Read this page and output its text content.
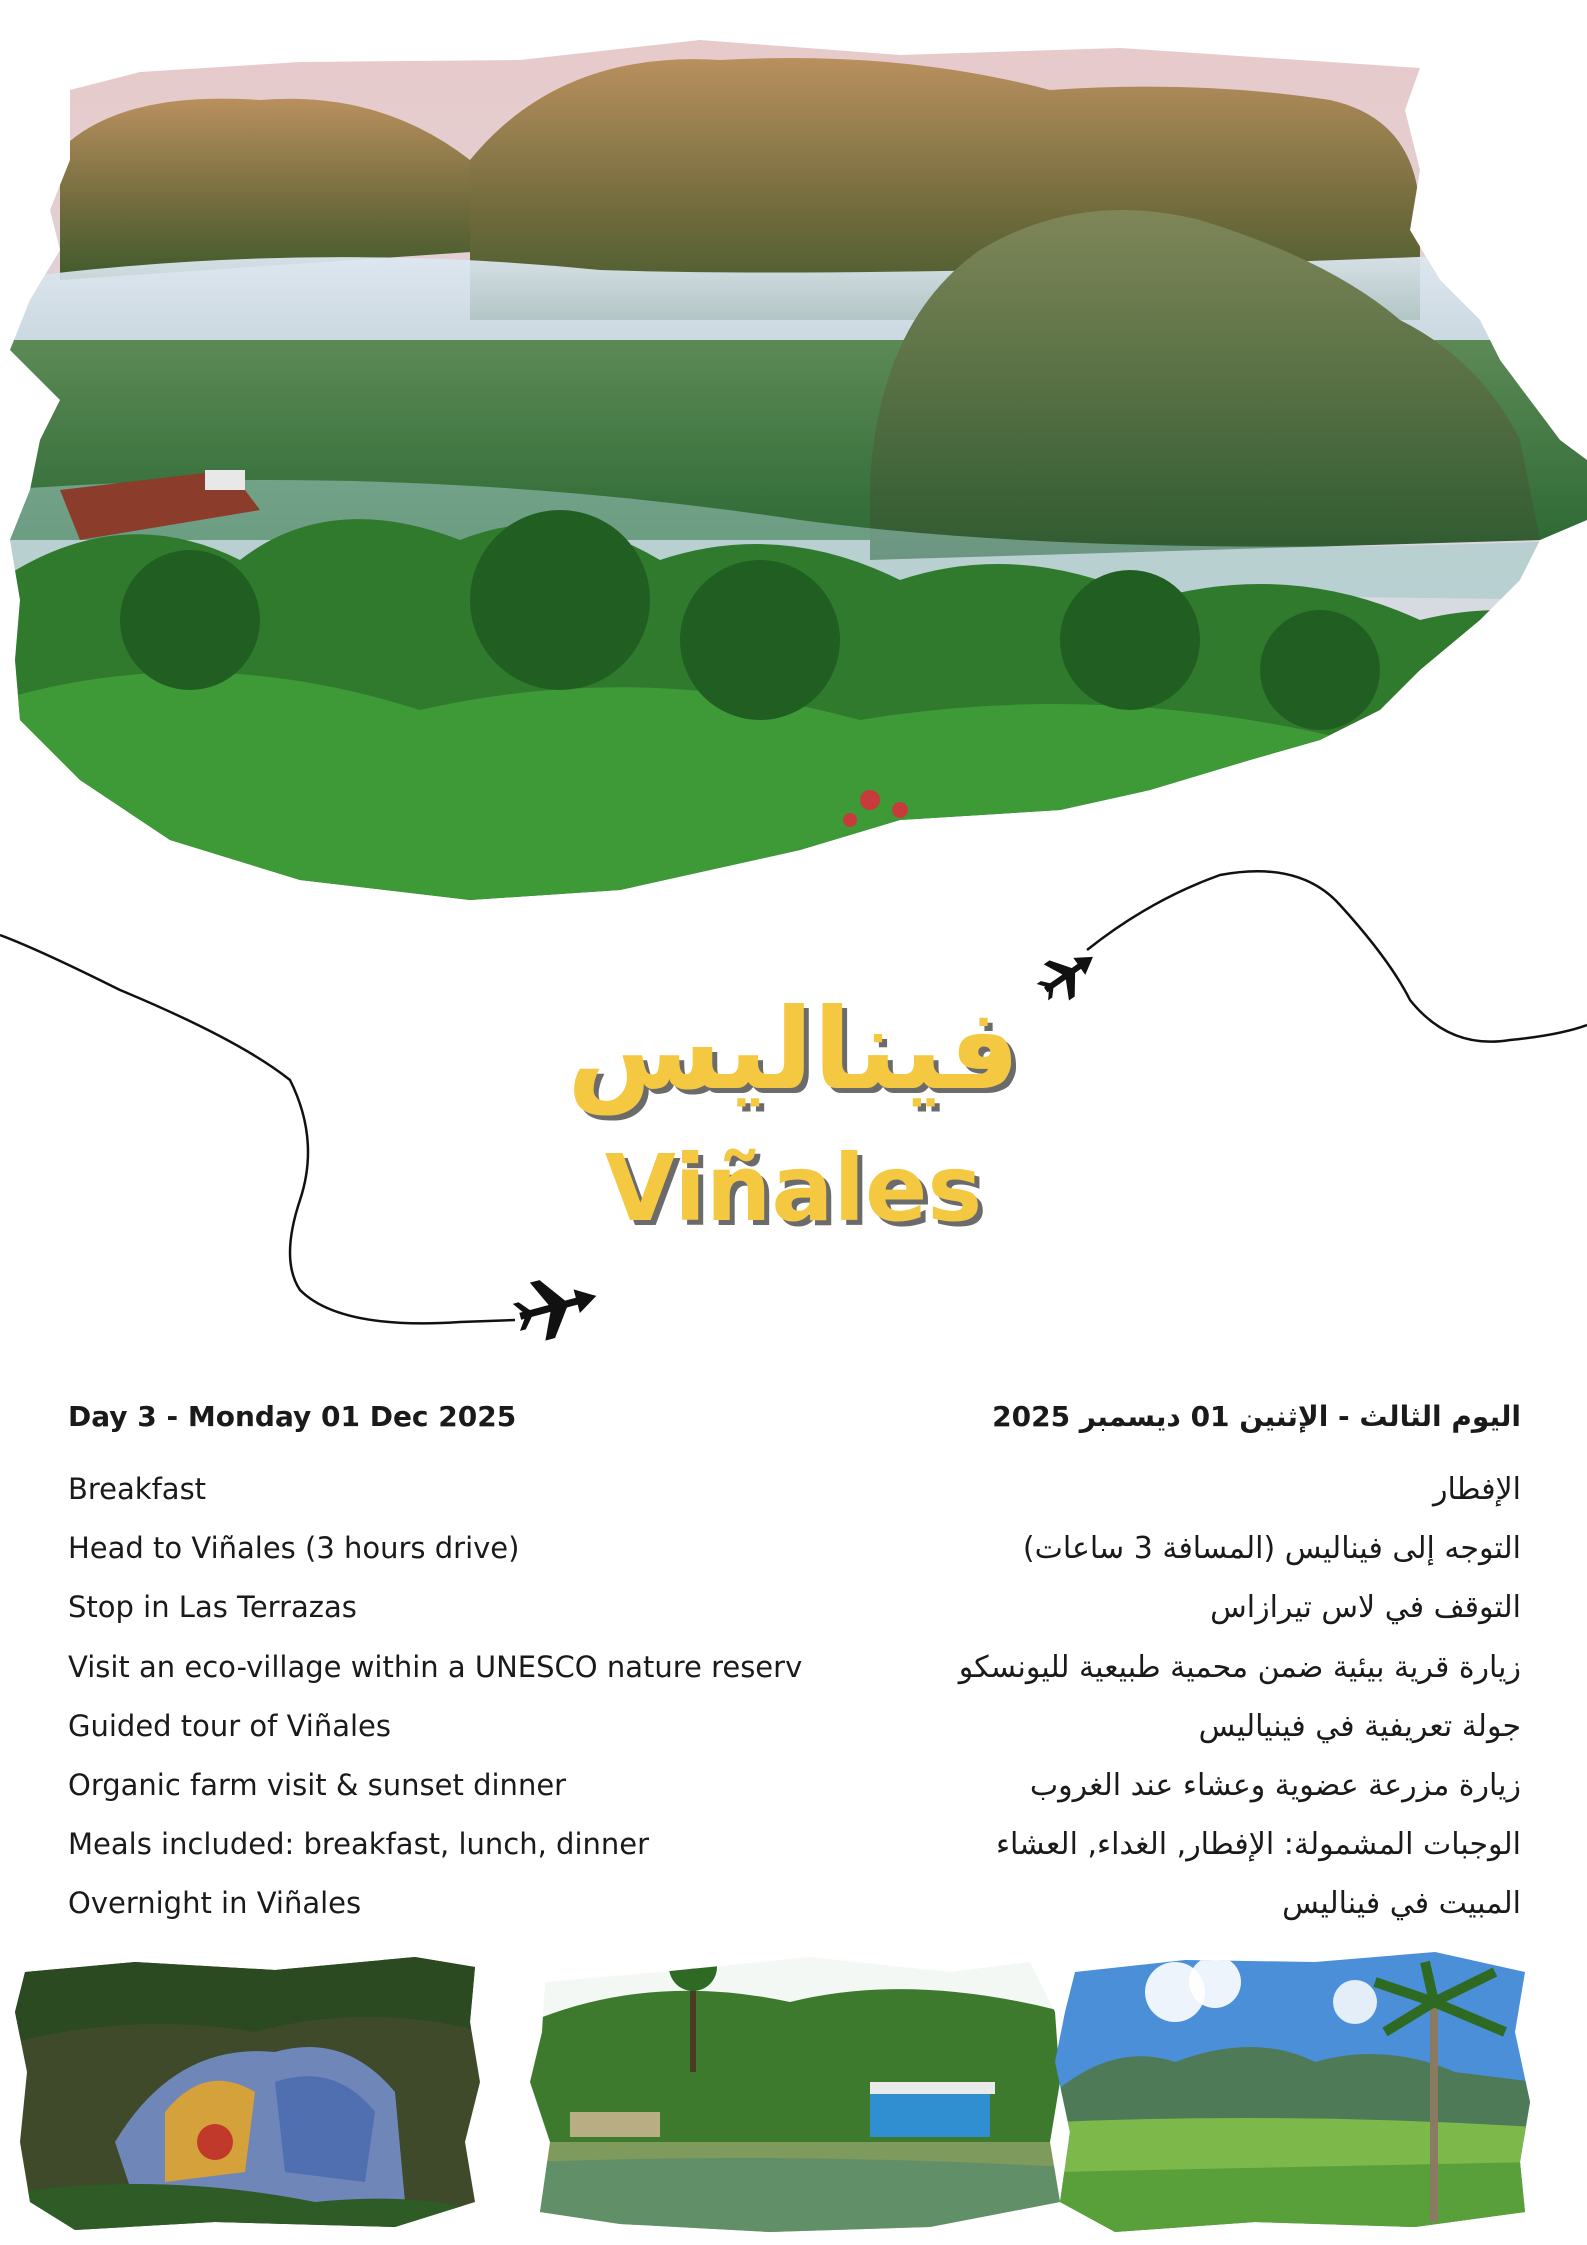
فيناليس
Viñales
Day 3 - Monday 01 Dec 2025
Breakfast
Head to Viñales (3 hours drive)
Stop in Las Terrazas
Visit an eco-village within a UNESCO nature reserv
Guided tour of Viñales
Organic farm visit & sunset dinner
Meals included: breakfast, lunch, dinner
Overnight in Viñales
اليوم الثالث - الإثنين 01 ديسمبر 2025
الإفطار
التوجه إلى فيناليس (المسافة 3 ساعات)
التوقف في لاس تيرازاس
زيارة قرية بيئية ضمن محمية طبيعية لليونسكو
جولة تعريفية في فينياليس
زيارة مزرعة عضوية وعشاء عند الغروب
الوجبات المشمولة: الإفطار, الغداء, العشاء
المبيت في فيناليس
